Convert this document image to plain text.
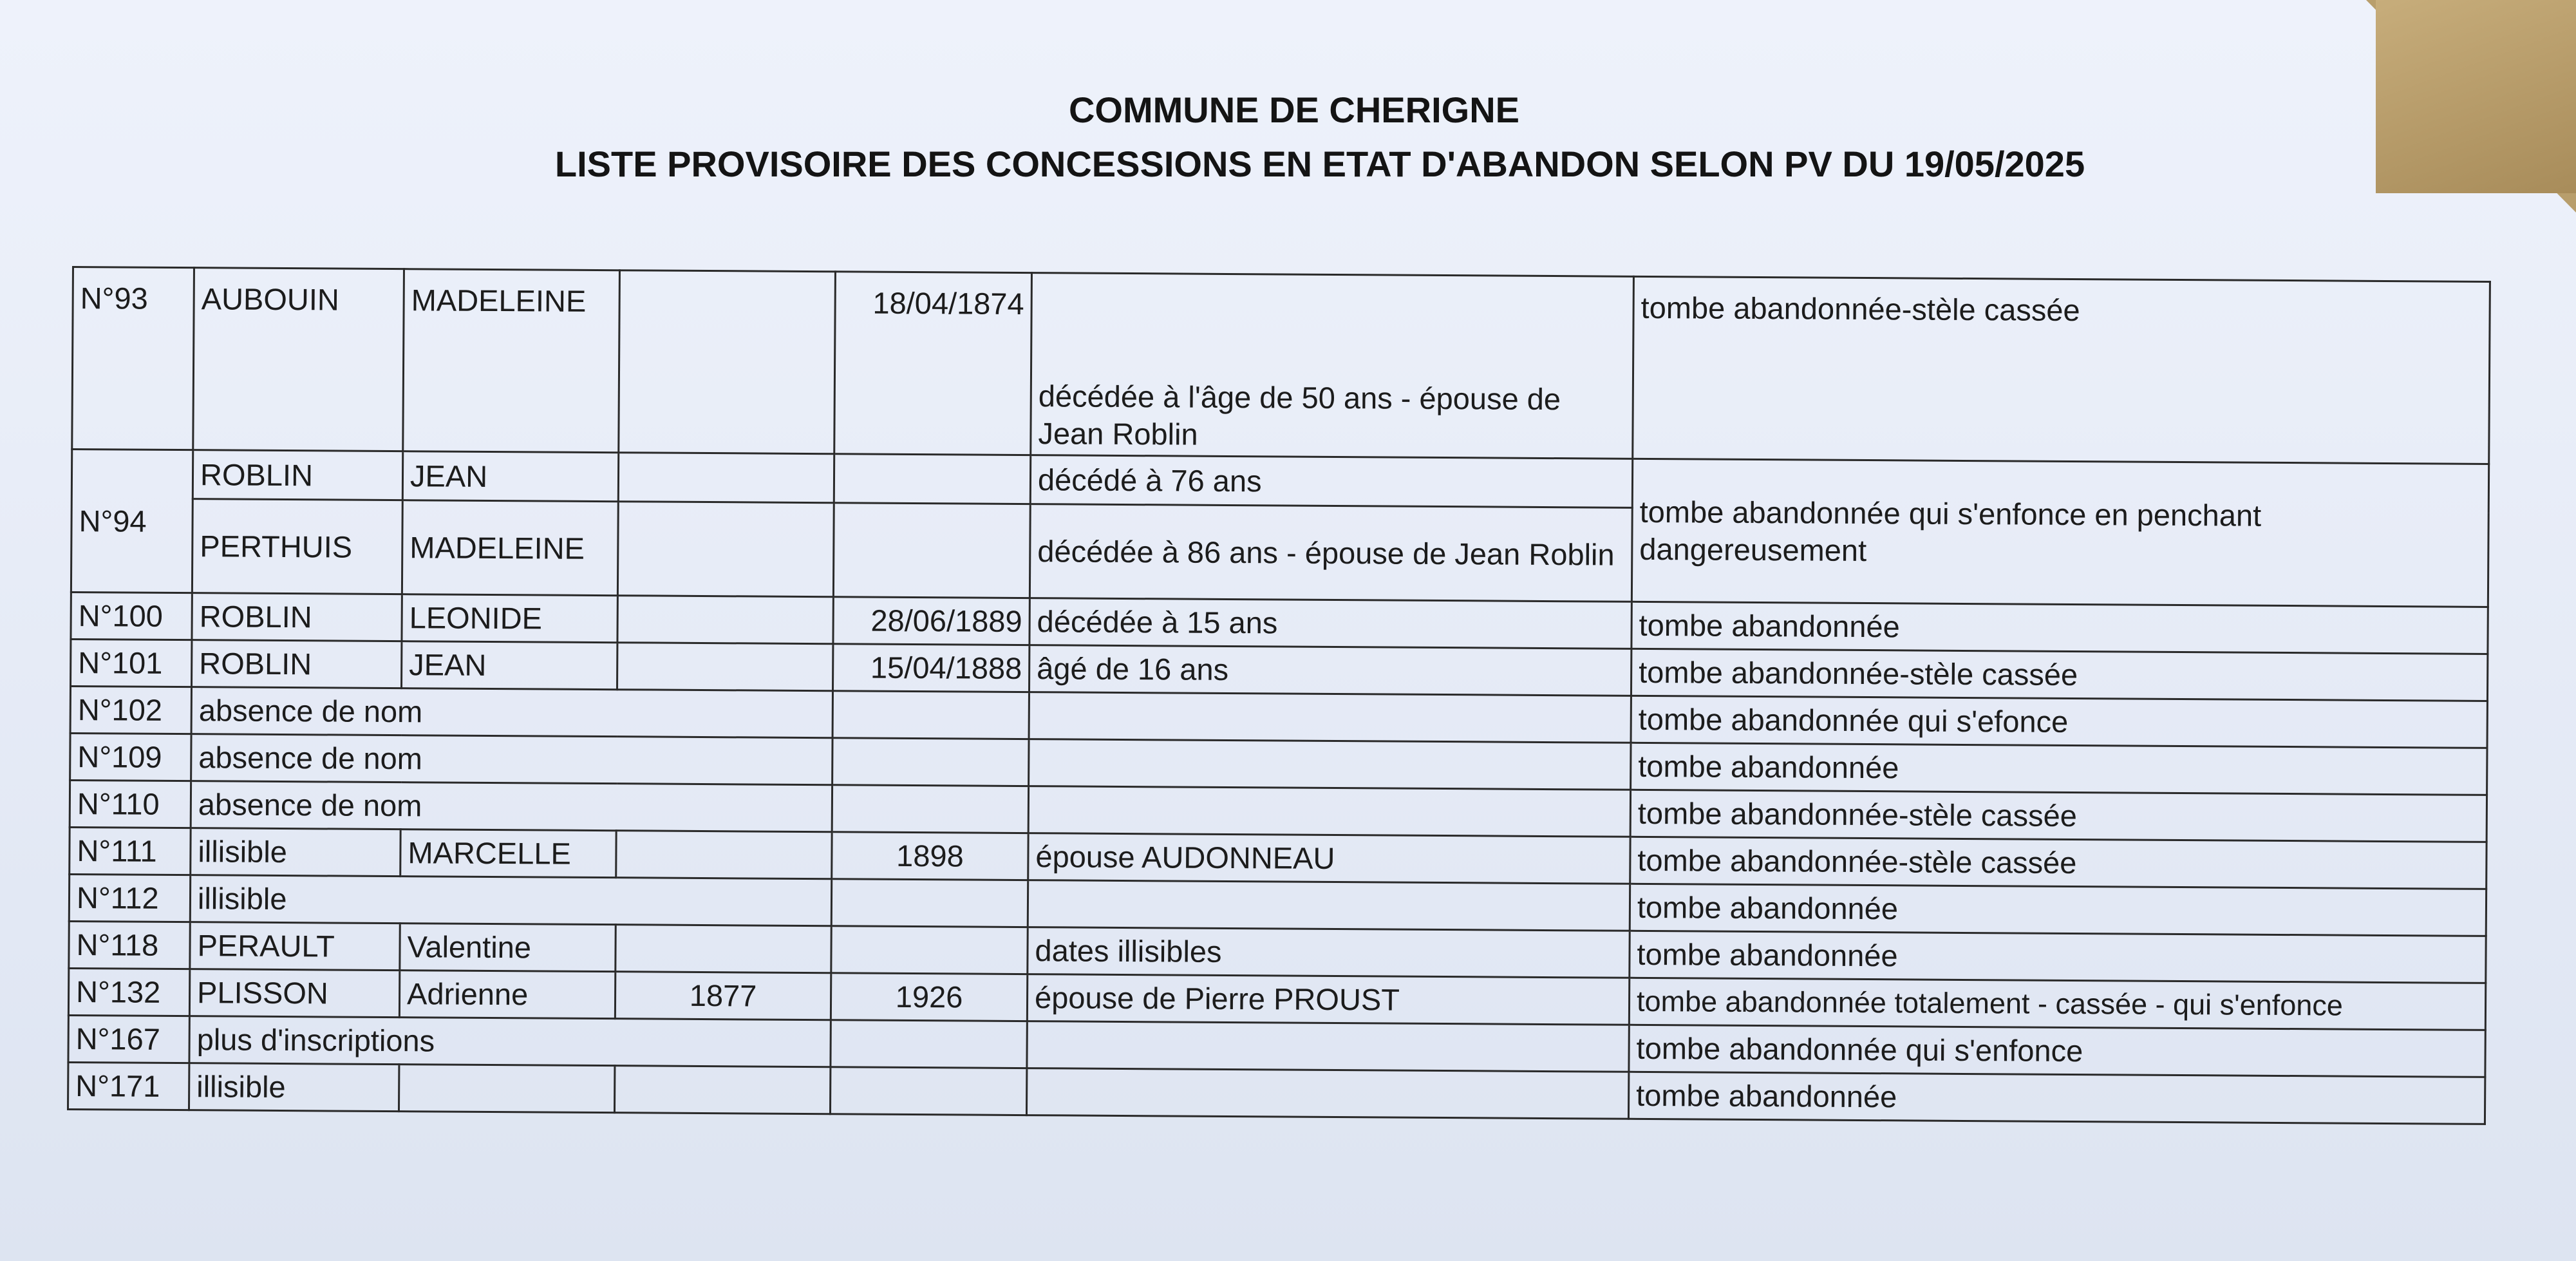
COMMUNE DE CHERIGNE
LISTE PROVISOIRE DES CONCESSIONS EN ETAT D'ABANDON SELON PV DU 19/05/2025
N°93	AUBOUIN	MADELEINE		18/04/1874	décédée à l'âge de 50 ans - épouse de Jean Roblin	tombe abandonnée-stèle cassée
N°94	ROBLIN	JEAN			décédé à 76 ans	tombe abandonnée qui s'enfonce en penchant dangereusement
	PERTHUIS	MADELEINE			décédée à 86 ans - épouse de Jean Roblin	
N°100	ROBLIN	LEONIDE		28/06/1889	décédée à 15 ans	tombe abandonnée
N°101	ROBLIN	JEAN		15/04/1888	âgé de 16 ans	tombe abandonnée-stèle cassée
N°102	absence de nom					tombe abandonnée qui s'efonce
N°109	absence de nom					tombe abandonnée
N°110	absence de nom					tombe abandonnée-stèle cassée
N°111	illisible	MARCELLE		1898	épouse AUDONNEAU	tombe abandonnée-stèle cassée
N°112	illisible					tombe abandonnée
N°118	PERAULT	Valentine			dates illisibles	tombe abandonnée
N°132	PLISSON	Adrienne	1877	1926	épouse de Pierre PROUST	tombe abandonnée totalement - cassée - qui s'enfonce
N°167	plus d'inscriptions					tombe abandonnée qui s'enfonce
N°171	illisible					tombe abandonnée
